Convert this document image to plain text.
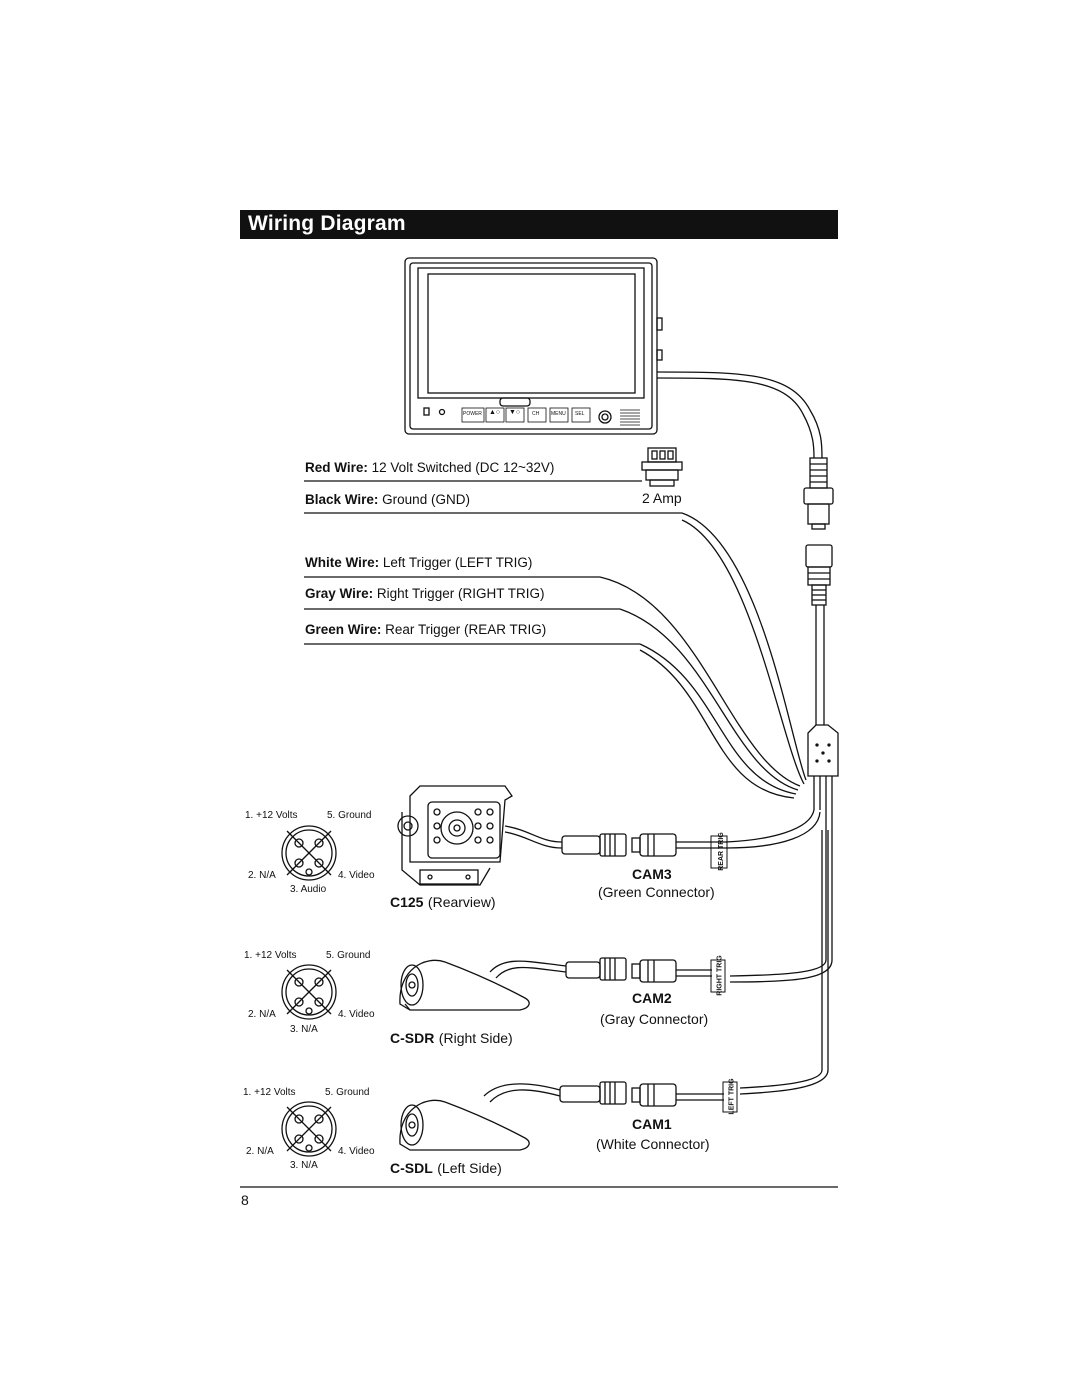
Wiring Diagram
POWER ▲○ ▼○ CH MENU SEL
Red Wire: 12 Volt Switched (DC 12~32V)
Black Wire: Ground (GND)	2 Amp
White Wire: Left Trigger (LEFT TRIG)
Gray Wire: Right Trigger (RIGHT TRIG)
Green Wire: Rear Trigger (REAR TRIG)
1. +12 Volts	5. Ground
2. N/A	4. Video
3. Audio
1. +12 Volts	5. Ground
2. N/A	4. Video
3. N/A
1. +12 Volts	5. Ground
2. N/A	4. Video
3. N/A
C125 (Rearview)
C-SDR (Right Side)
C-SDL (Left Side)
CAM3
(Green Connector)
CAM2
(Gray Connector)
CAM1
(White Connector)
REAR TRIG
RIGHT TRIG
LEFT TRIG
8
